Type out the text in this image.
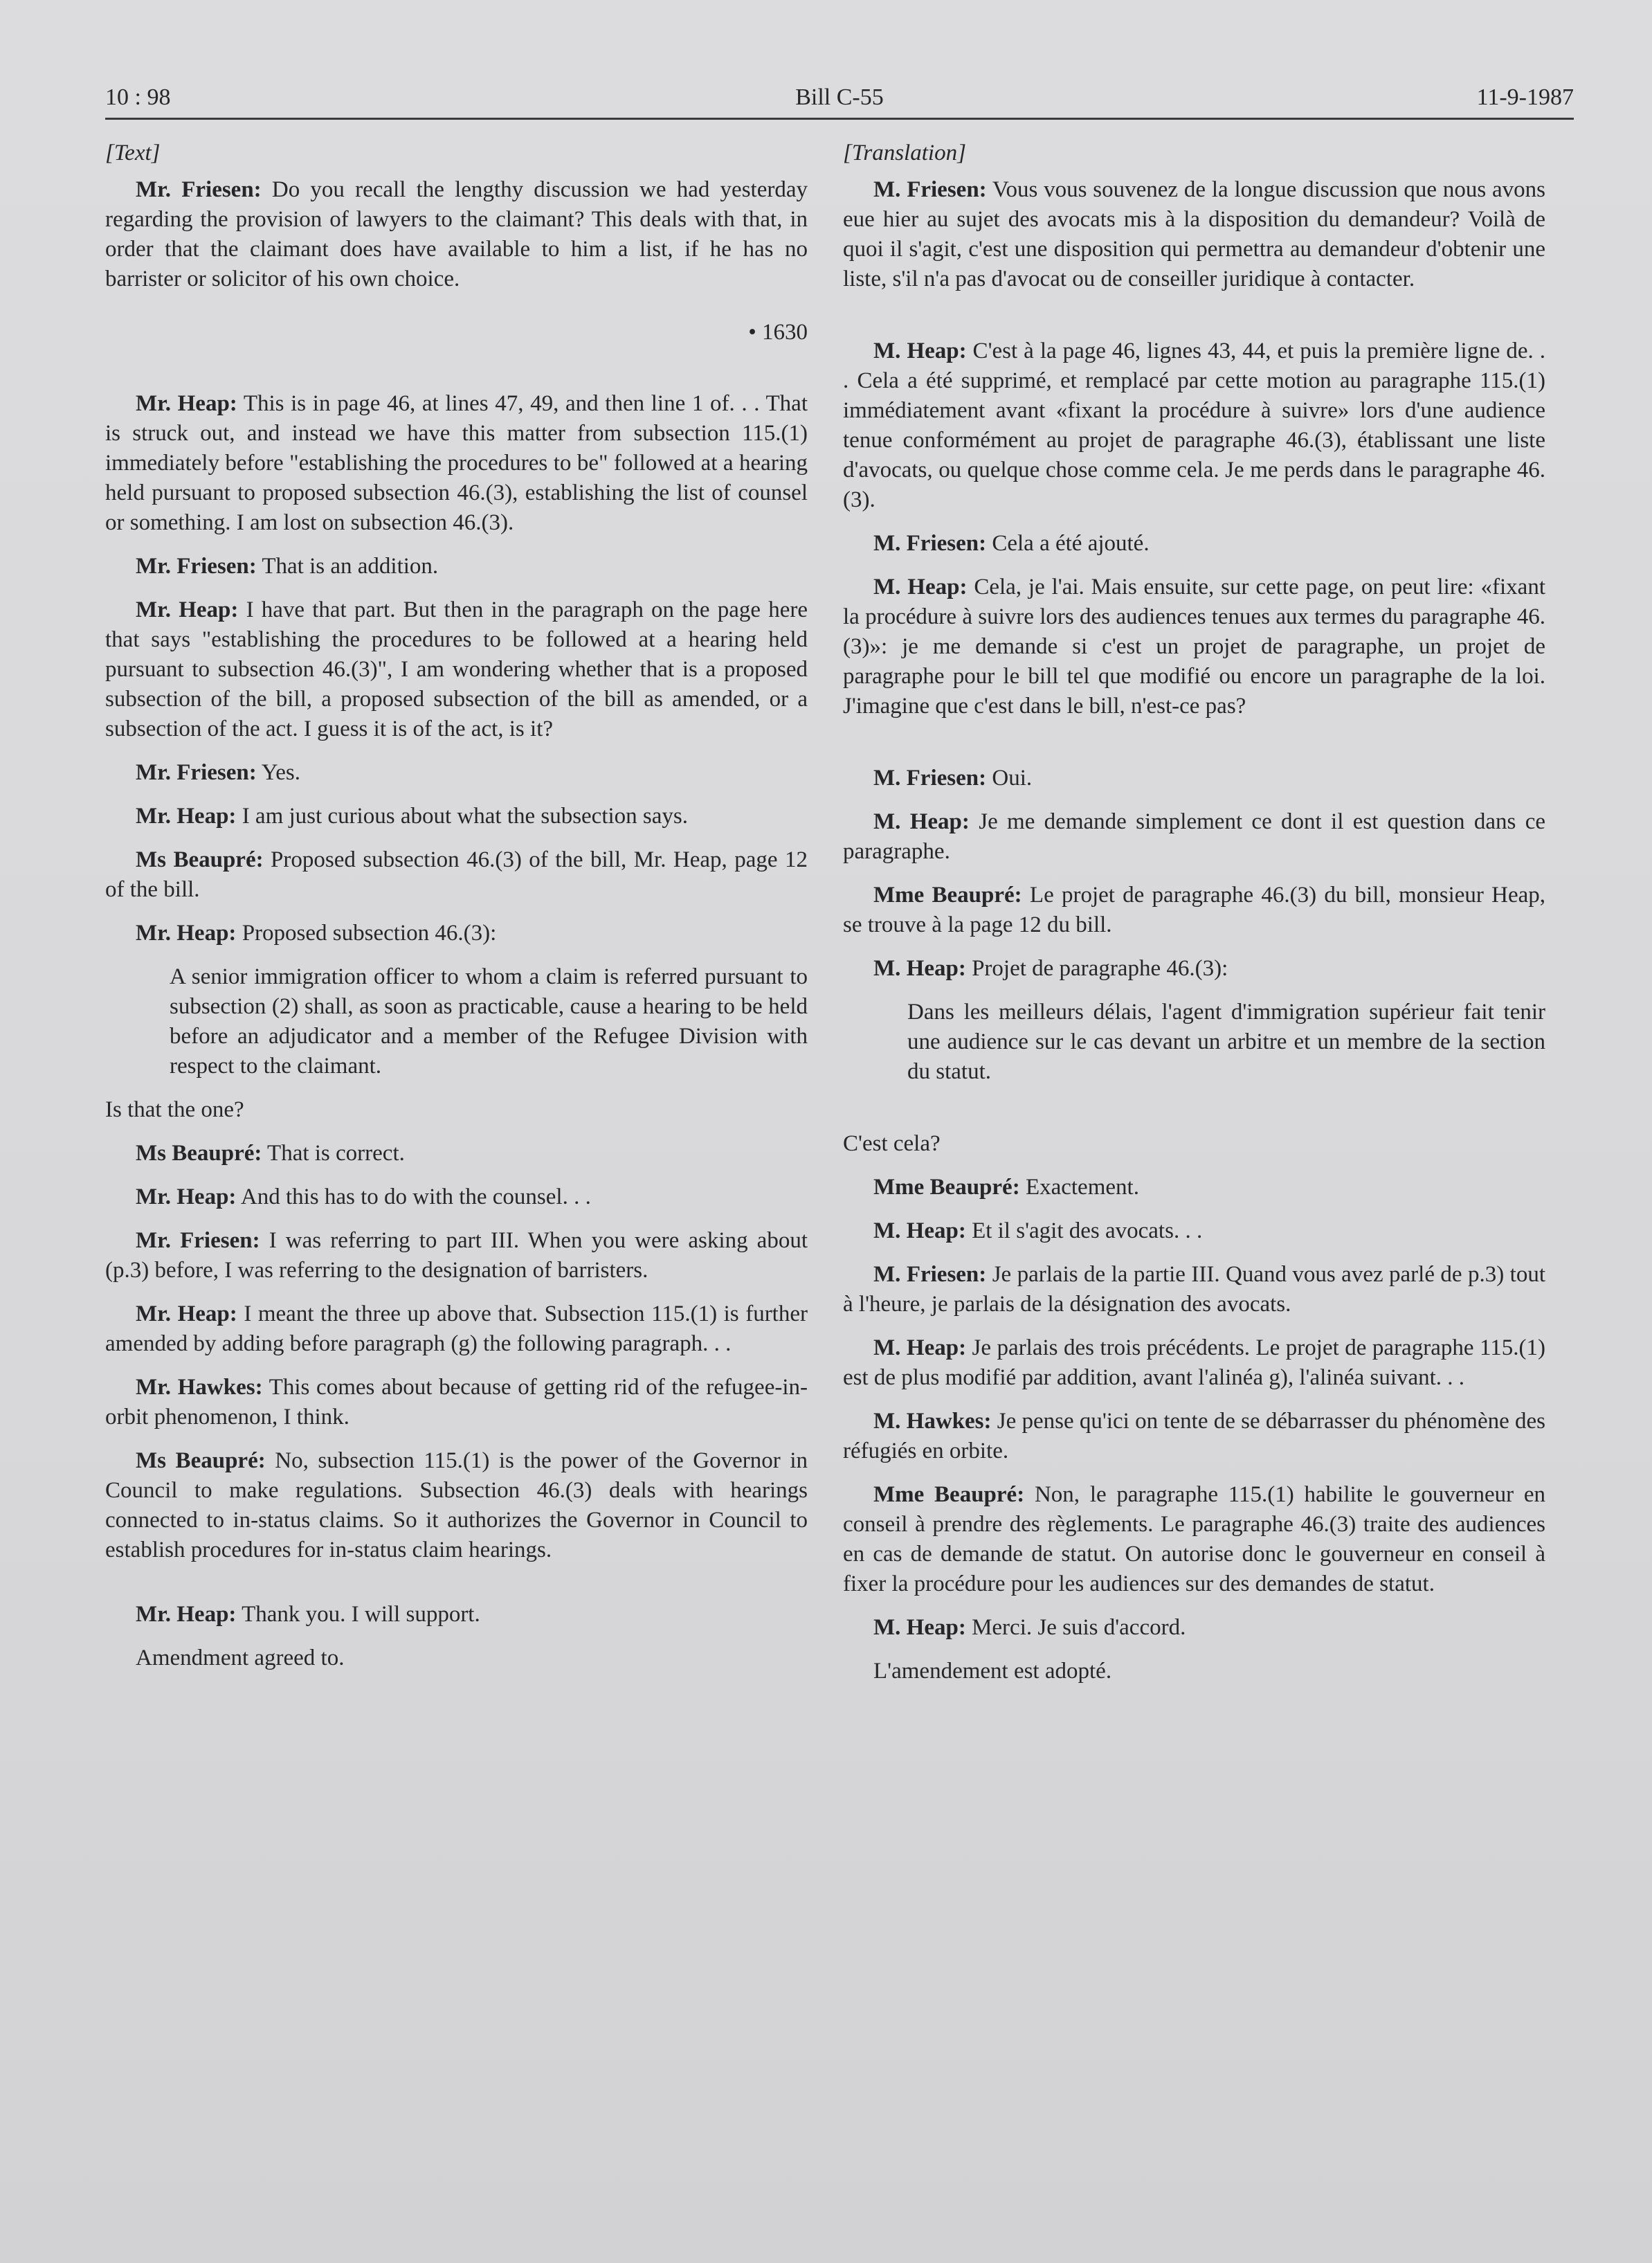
10 : 98	Bill C-55	11-9-1987
[Text]

Mr. Friesen: Do you recall the lengthy discussion we had yesterday regarding the provision of lawyers to the claimant? This deals with that, in order that the claimant does have available to him a list, if he has no barrister or solicitor of his own choice.

• 1630

Mr. Heap: This is in page 46, at lines 47, 49, and then line 1 of. . . That is struck out, and instead we have this matter from subsection 115.(1) immediately before "establishing the procedures to be" followed at a hearing held pursuant to proposed subsection 46.(3), establishing the list of counsel or something. I am lost on subsection 46.(3).

Mr. Friesen: That is an addition.

Mr. Heap: I have that part. But then in the paragraph on the page here that says "establishing the procedures to be followed at a hearing held pursuant to subsection 46.(3)", I am wondering whether that is a proposed subsection of the bill, a proposed subsection of the bill as amended, or a subsection of the act. I guess it is of the act, is it?

Mr. Friesen: Yes.

Mr. Heap: I am just curious about what the subsection says.

Ms Beaupré: Proposed subsection 46.(3) of the bill, Mr. Heap, page 12 of the bill.

Mr. Heap: Proposed subsection 46.(3):

A senior immigration officer to whom a claim is referred pursuant to subsection (2) shall, as soon as practicable, cause a hearing to be held before an adjudicator and a member of the Refugee Division with respect to the claimant.

Is that the one?

Ms Beaupré: That is correct.

Mr. Heap: And this has to do with the counsel. . .

Mr. Friesen: I was referring to part III. When you were asking about (p.3) before, I was referring to the designation of barristers.

Mr. Heap: I meant the three up above that. Subsection 115.(1) is further amended by adding before paragraph (g) the following paragraph. . .

Mr. Hawkes: This comes about because of getting rid of the refugee-in-orbit phenomenon, I think.

Ms Beaupré: No, subsection 115.(1) is the power of the Governor in Council to make regulations. Subsection 46.(3) deals with hearings connected to in-status claims. So it authorizes the Governor in Council to establish procedures for in-status claim hearings.

Mr. Heap: Thank you. I will support.

Amendment agreed to.

[Translation]

M. Friesen: Vous vous souvenez de la longue discussion que nous avons eue hier au sujet des avocats mis à la disposition du demandeur? Voilà de quoi il s'agit, c'est une disposition qui permettra au demandeur d'obtenir une liste, s'il n'a pas d'avocat ou de conseiller juridique à contacter.

M. Heap: C'est à la page 46, lignes 43, 44, et puis la première ligne de. . . Cela a été supprimé, et remplacé par cette motion au paragraphe 115.(1) immédiatement avant «fixant la procédure à suivre» lors d'une audience tenue conformément au projet de paragraphe 46.(3), établissant une liste d'avocats, ou quelque chose comme cela. Je me perds dans le paragraphe 46.(3).

M. Friesen: Cela a été ajouté.

M. Heap: Cela, je l'ai. Mais ensuite, sur cette page, on peut lire: «fixant la procédure à suivre lors des audiences tenues aux termes du paragraphe 46.(3)»: je me demande si c'est un projet de paragraphe, un projet de paragraphe pour le bill tel que modifié ou encore un paragraphe de la loi. J'imagine que c'est dans le bill, n'est-ce pas?

M. Friesen: Oui.

M. Heap: Je me demande simplement ce dont il est question dans ce paragraphe.

Mme Beaupré: Le projet de paragraphe 46.(3) du bill, monsieur Heap, se trouve à la page 12 du bill.

M. Heap: Projet de paragraphe 46.(3):

Dans les meilleurs délais, l'agent d'immigration supérieur fait tenir une audience sur le cas devant un arbitre et un membre de la section du statut.

C'est cela?

Mme Beaupré: Exactement.

M. Heap: Et il s'agit des avocats. . .

M. Friesen: Je parlais de la partie III. Quand vous avez parlé de p.3) tout à l'heure, je parlais de la désignation des avocats.

M. Heap: Je parlais des trois précédents. Le projet de paragraphe 115.(1) est de plus modifié par addition, avant l'alinéa g), l'alinéa suivant. . .

M. Hawkes: Je pense qu'ici on tente de se débarrasser du phénomène des réfugiés en orbite.

Mme Beaupré: Non, le paragraphe 115.(1) habilite le gouverneur en conseil à prendre des règlements. Le paragraphe 46.(3) traite des audiences en cas de demande de statut. On autorise donc le gouverneur en conseil à fixer la procédure pour les audiences sur des demandes de statut.

M. Heap: Merci. Je suis d'accord.

L'amendement est adopté.
